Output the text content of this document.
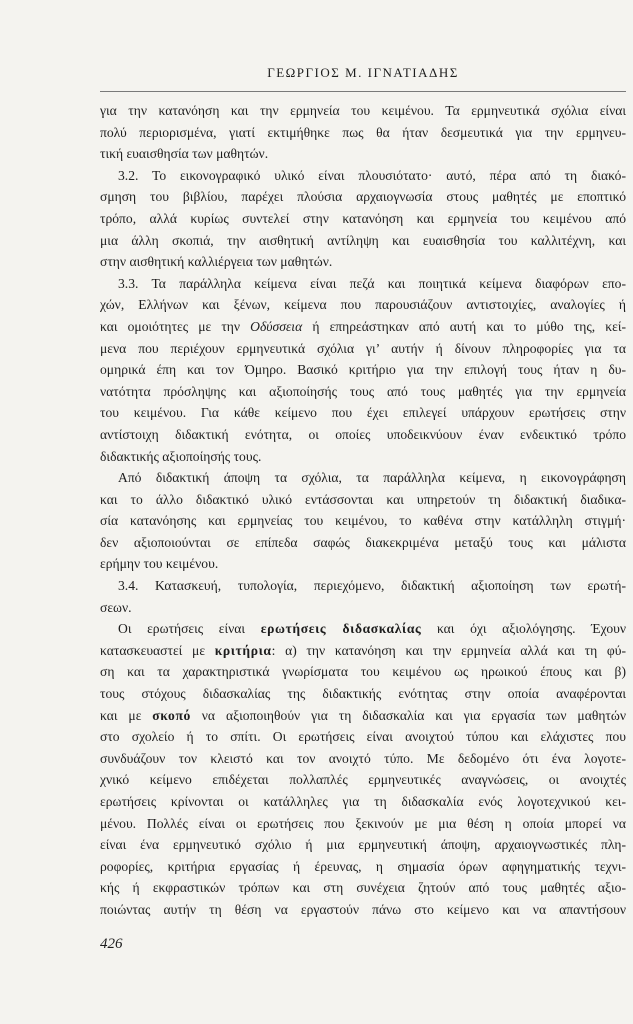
ΓΕΩΡΓΙΟΣ Μ. ΙΓΝΑΤΙΑΔΗΣ

για την κατανόηση και την ερμηνεία του κειμένου. Τα ερμηνευτικά σχόλια είναι

πολύ περιορισμένα, γιατί εκτιμήθηκε πως θα ήταν δεσμευτικά για την ερμηνευ-

τική ευαισθησία των μαθητών.

3.2. Το εικονογραφικό υλικό είναι πλουσιότατο· αυτό, πέρα από τη διακό-

σμηση του βιβλίου, παρέχει πλούσια αρχαιογνωσία στους μαθητές με εποπτικό

τρόπο, αλλά κυρίως συντελεί στην κατανόηση και ερμηνεία του κειμένου από

μια άλλη σκοπιά, την αισθητική αντίληψη και ευαισθησία του καλλιτέχνη, και

στην αισθητική καλλιέργεια των μαθητών.

3.3. Τα παράλληλα κείμενα είναι πεζά και ποιητικά κείμενα διαφόρων επο-

χών, Ελλήνων και ξένων, κείμενα που παρουσιάζουν αντιστοιχίες, αναλογίες ή

και ομοιότητες με την Οδύσσεια ή επηρεάστηκαν από αυτή και το μύθο της, κεί-

μενα που περιέχουν ερμηνευτικά σχόλια γι’ αυτήν ή δίνουν πληροφορίες για τα

ομηρικά έπη και τον Όμηρο. Βασικό κριτήριο για την επιλογή τους ήταν η δυ-

νατότητα πρόσληψης και αξιοποίησής τους από τους μαθητές για την ερμηνεία

του κειμένου. Για κάθε κείμενο που έχει επιλεγεί υπάρχουν ερωτήσεις στην

αντίστοιχη διδακτική ενότητα, οι οποίες υποδεικνύουν έναν ενδεικτικό τρόπο

διδακτικής αξιοποίησής τους.

Από διδακτική άποψη τα σχόλια, τα παράλληλα κείμενα, η εικονογράφηση

και το άλλο διδακτικό υλικό εντάσσονται και υπηρετούν τη διδακτική διαδικα-

σία κατανόησης και ερμηνείας του κειμένου, το καθένα στην κατάλληλη στιγμή·

δεν αξιοποιούνται σε επίπεδα σαφώς διακεκριμένα μεταξύ τους και μάλιστα

ερήμην του κειμένου.

3.4. Κατασκευή, τυπολογία, περιεχόμενο, διδακτική αξιοποίηση των ερωτή-

σεων.

Οι ερωτήσεις είναι ερωτήσεις διδασκαλίας και όχι αξιολόγησης. Έχουν

κατασκευαστεί με κριτήρια: α) την κατανόηση και την ερμηνεία αλλά και τη φύ-

ση και τα χαρακτηριστικά γνωρίσματα του κειμένου ως ηρωικού έπους και β)

τους στόχους διδασκαλίας της διδακτικής ενότητας στην οποία αναφέρονται

και με σκοπό να αξιοποιηθούν για τη διδασκαλία και για εργασία των μαθητών

στο σχολείο ή το σπίτι. Οι ερωτήσεις είναι ανοιχτού τύπου και ελάχιστες που

συνδυάζουν τον κλειστό και τον ανοιχτό τύπο. Με δεδομένο ότι ένα λογοτε-

χνικό κείμενο επιδέχεται πολλαπλές ερμηνευτικές αναγνώσεις, οι ανοιχτές

ερωτήσεις κρίνονται οι κατάλληλες για τη διδασκαλία ενός λογοτεχνικού κει-

μένου. Πολλές είναι οι ερωτήσεις που ξεκινούν με μια θέση η οποία μπορεί να

είναι ένα ερμηνευτικό σχόλιο ή μια ερμηνευτική άποψη, αρχαιογνωστικές πλη-

ροφορίες, κριτήρια εργασίας ή έρευνας, η σημασία όρων αφηγηματικής τεχνι-

κής ή εκφραστικών τρόπων και στη συνέχεια ζητούν από τους μαθητές αξιο-

ποιώντας αυτήν τη θέση να εργαστούν πάνω στο κείμενο και να απαντήσουν

426
